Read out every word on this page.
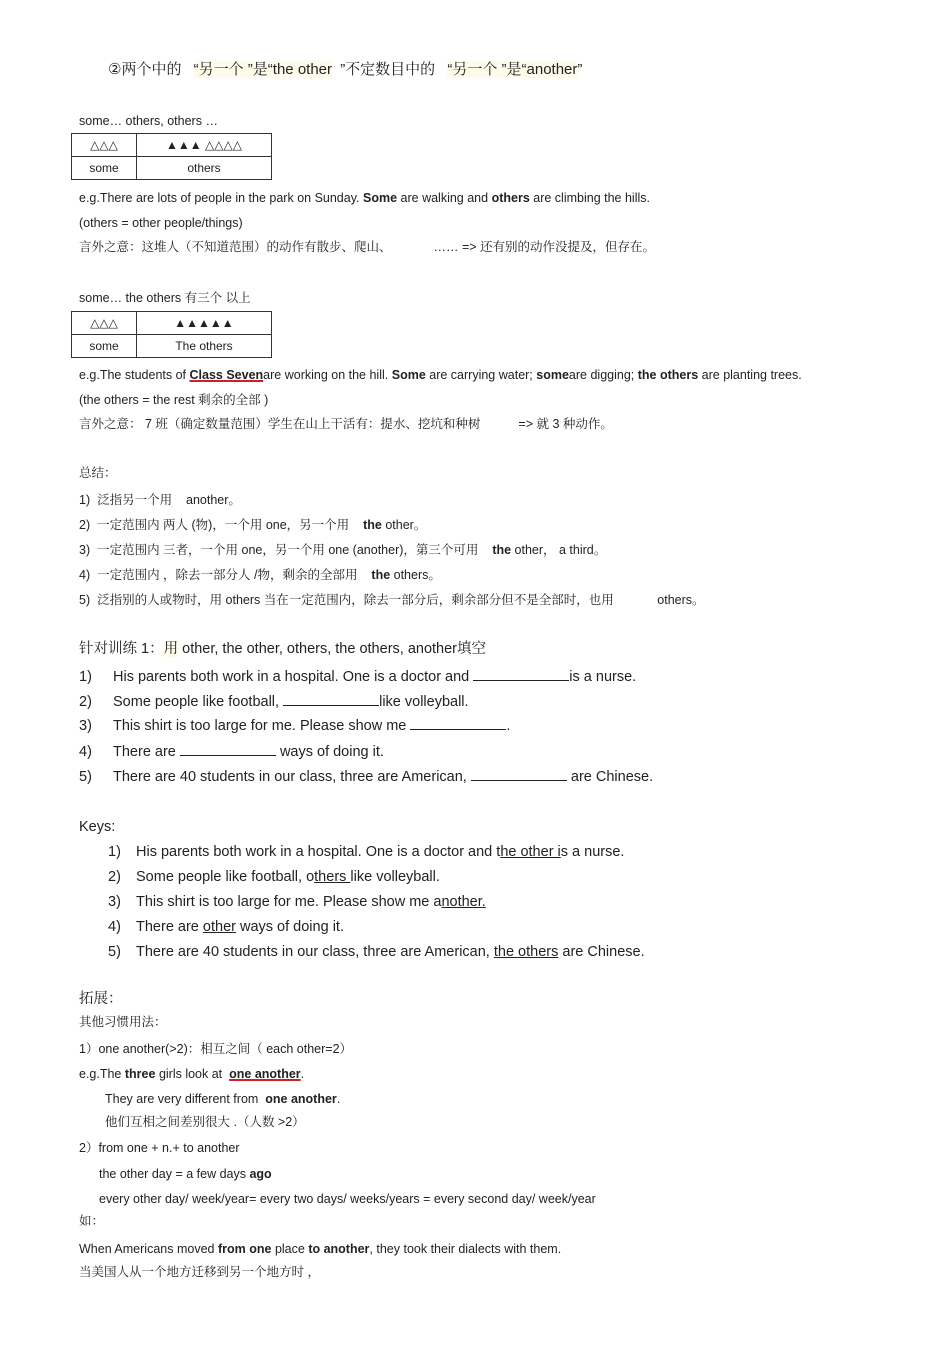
②两个中的 “另一个 ”是“the other ”不定数目中的 “另一个 ”是“another”
some… others, others …
△△△	▲▲▲ △△△△
some	others
e.g.There are lots of people in the park on Sunday. Some are walking and others are climbing the hills.
(others = other people/things)
言外之意：这堆人（不知道范围）的动作有散步、爬山、	…… => 还有别的动作没提及，但存在。
some… the others 有三个 以上
△△△	▲▲▲▲▲
some	The others
e.g.The students of Class Sevenare working on the hill. Some are carrying water; someare digging; the others are planting trees.
(the others = the rest 剩余的全部 )
言外之意： 7 班（确定数量范围）学生在山上干活有：提水、挖坑和种树	=> 就 3 种动作。
总结：
1) 泛指另一个用 another。
2) 一定范围内 两人 (物)，一个用 one，另一个用 the other。
3) 一定范围内 三者，一个用 one，另一个用 one (another)，第三个可用 the other， a third。
4) 一定范围内 ，除去一部分人 /物，剩余的全部用 the others。
5) 泛指别的人或物时，用 others 当在一定范围内，除去一部分后，剩余部分但不是全部时，也用	others。
针对训练 1：用 other, the other, others, the others, another填空
1) His parents both work in a hospital. One is a doctor and	is a nurse.
2) Some people like football,	like volleyball.
3) This shirt is too large for me. Please show me	.
4) There are	ways of doing it.
5) There are 40 students in our class, three are American,	are Chinese.
Keys:
1) His parents both work in a hospital. One is a doctor and the other is a nurse.
2) Some people like football, others like volleyball.
3) This shirt is too large for me. Please show me another.
4) There are other ways of doing it.
5) There are 40 students in our class, three are American, the others are Chinese.
拓展：
其他习惯用法：
1）one another(>2)：相互之间（ each other=2）
e.g.The three girls look at one another.
They are very different from one another.
他们互相之间差别很大 .（人数 >2）
2）from one + n.+ to another
the other day = a few days ago
every other day/ week/year= every two days/ weeks/years = every second day/ week/year
如：
When Americans moved from one place to another, they took their dialects with them.
当美国人从一个地方迁移到另一个地方时 ，
